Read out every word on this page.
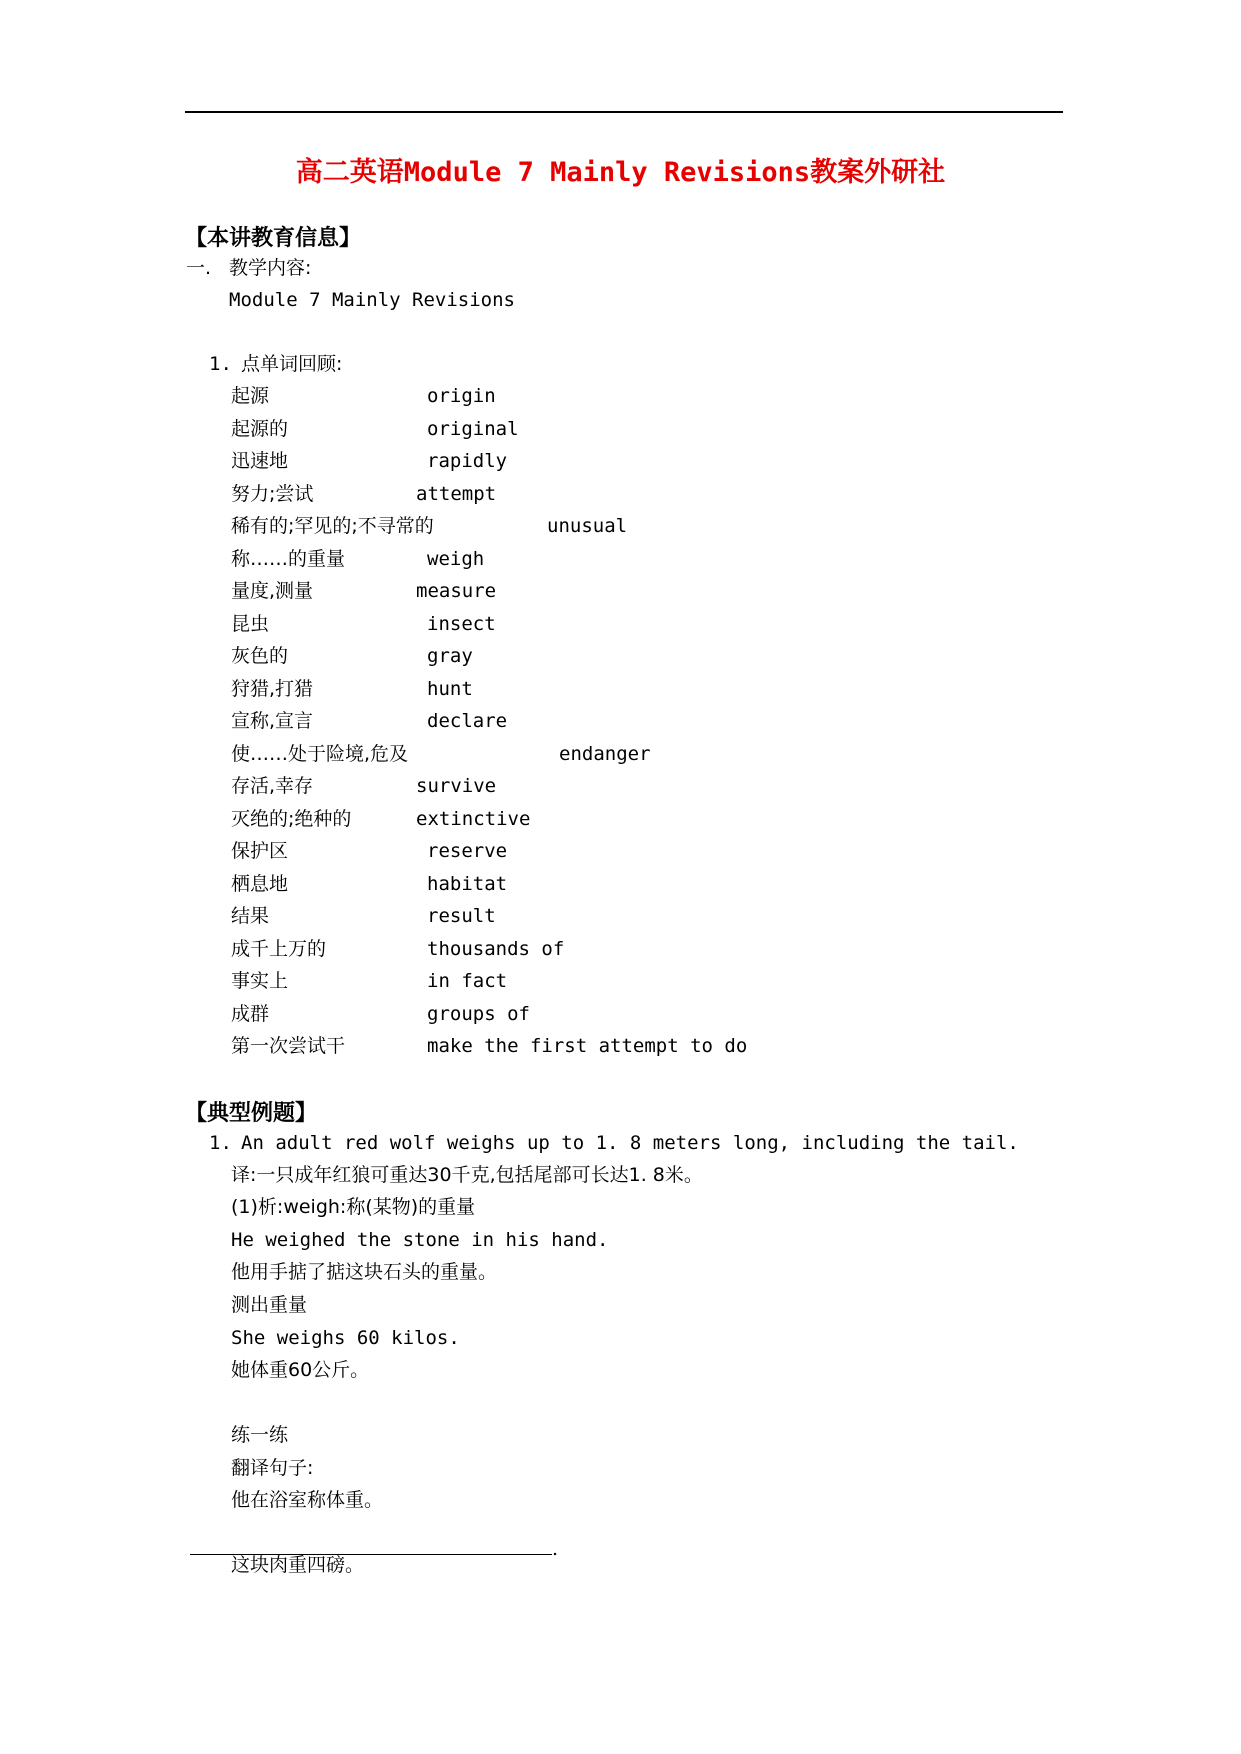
高二英语Module 7 Mainly Revisions教案外研社
【本讲教育信息】
一. 教学内容:
Module 7 Mainly Revisions
1. 点单词回顾:
起源	origin
起源的	original
迅速地	rapidly
努力;尝试	attempt
稀有的;罕见的;不寻常的	unusual
称……的重量	weigh
量度,测量	measure
昆虫	insect
灰色的	gray
狩猎,打猎	hunt
宣称,宣言	declare
使……处于险境,危及	endanger
存活,幸存	survive
灭绝的;绝种的	extinctive
保护区	reserve
栖息地	habitat
结果	result
成千上万的	thousands of
事实上	in fact
成群	groups of
第一次尝试干	make the first attempt to do
【典型例题】
1. An adult red wolf weighs up to 1. 8 meters long, including the tail.
译:一只成年红狼可重达30千克,包括尾部可长达1. 8米。
(1)析:weigh:称(某物)的重量
He weighed the stone in his hand.
他用手掂了掂这块石头的重量。
测出重量
She weighs 60 kilos.
她体重60公斤。
练一练
翻译句子:
他在浴室称体重。
.
这块肉重四磅。
